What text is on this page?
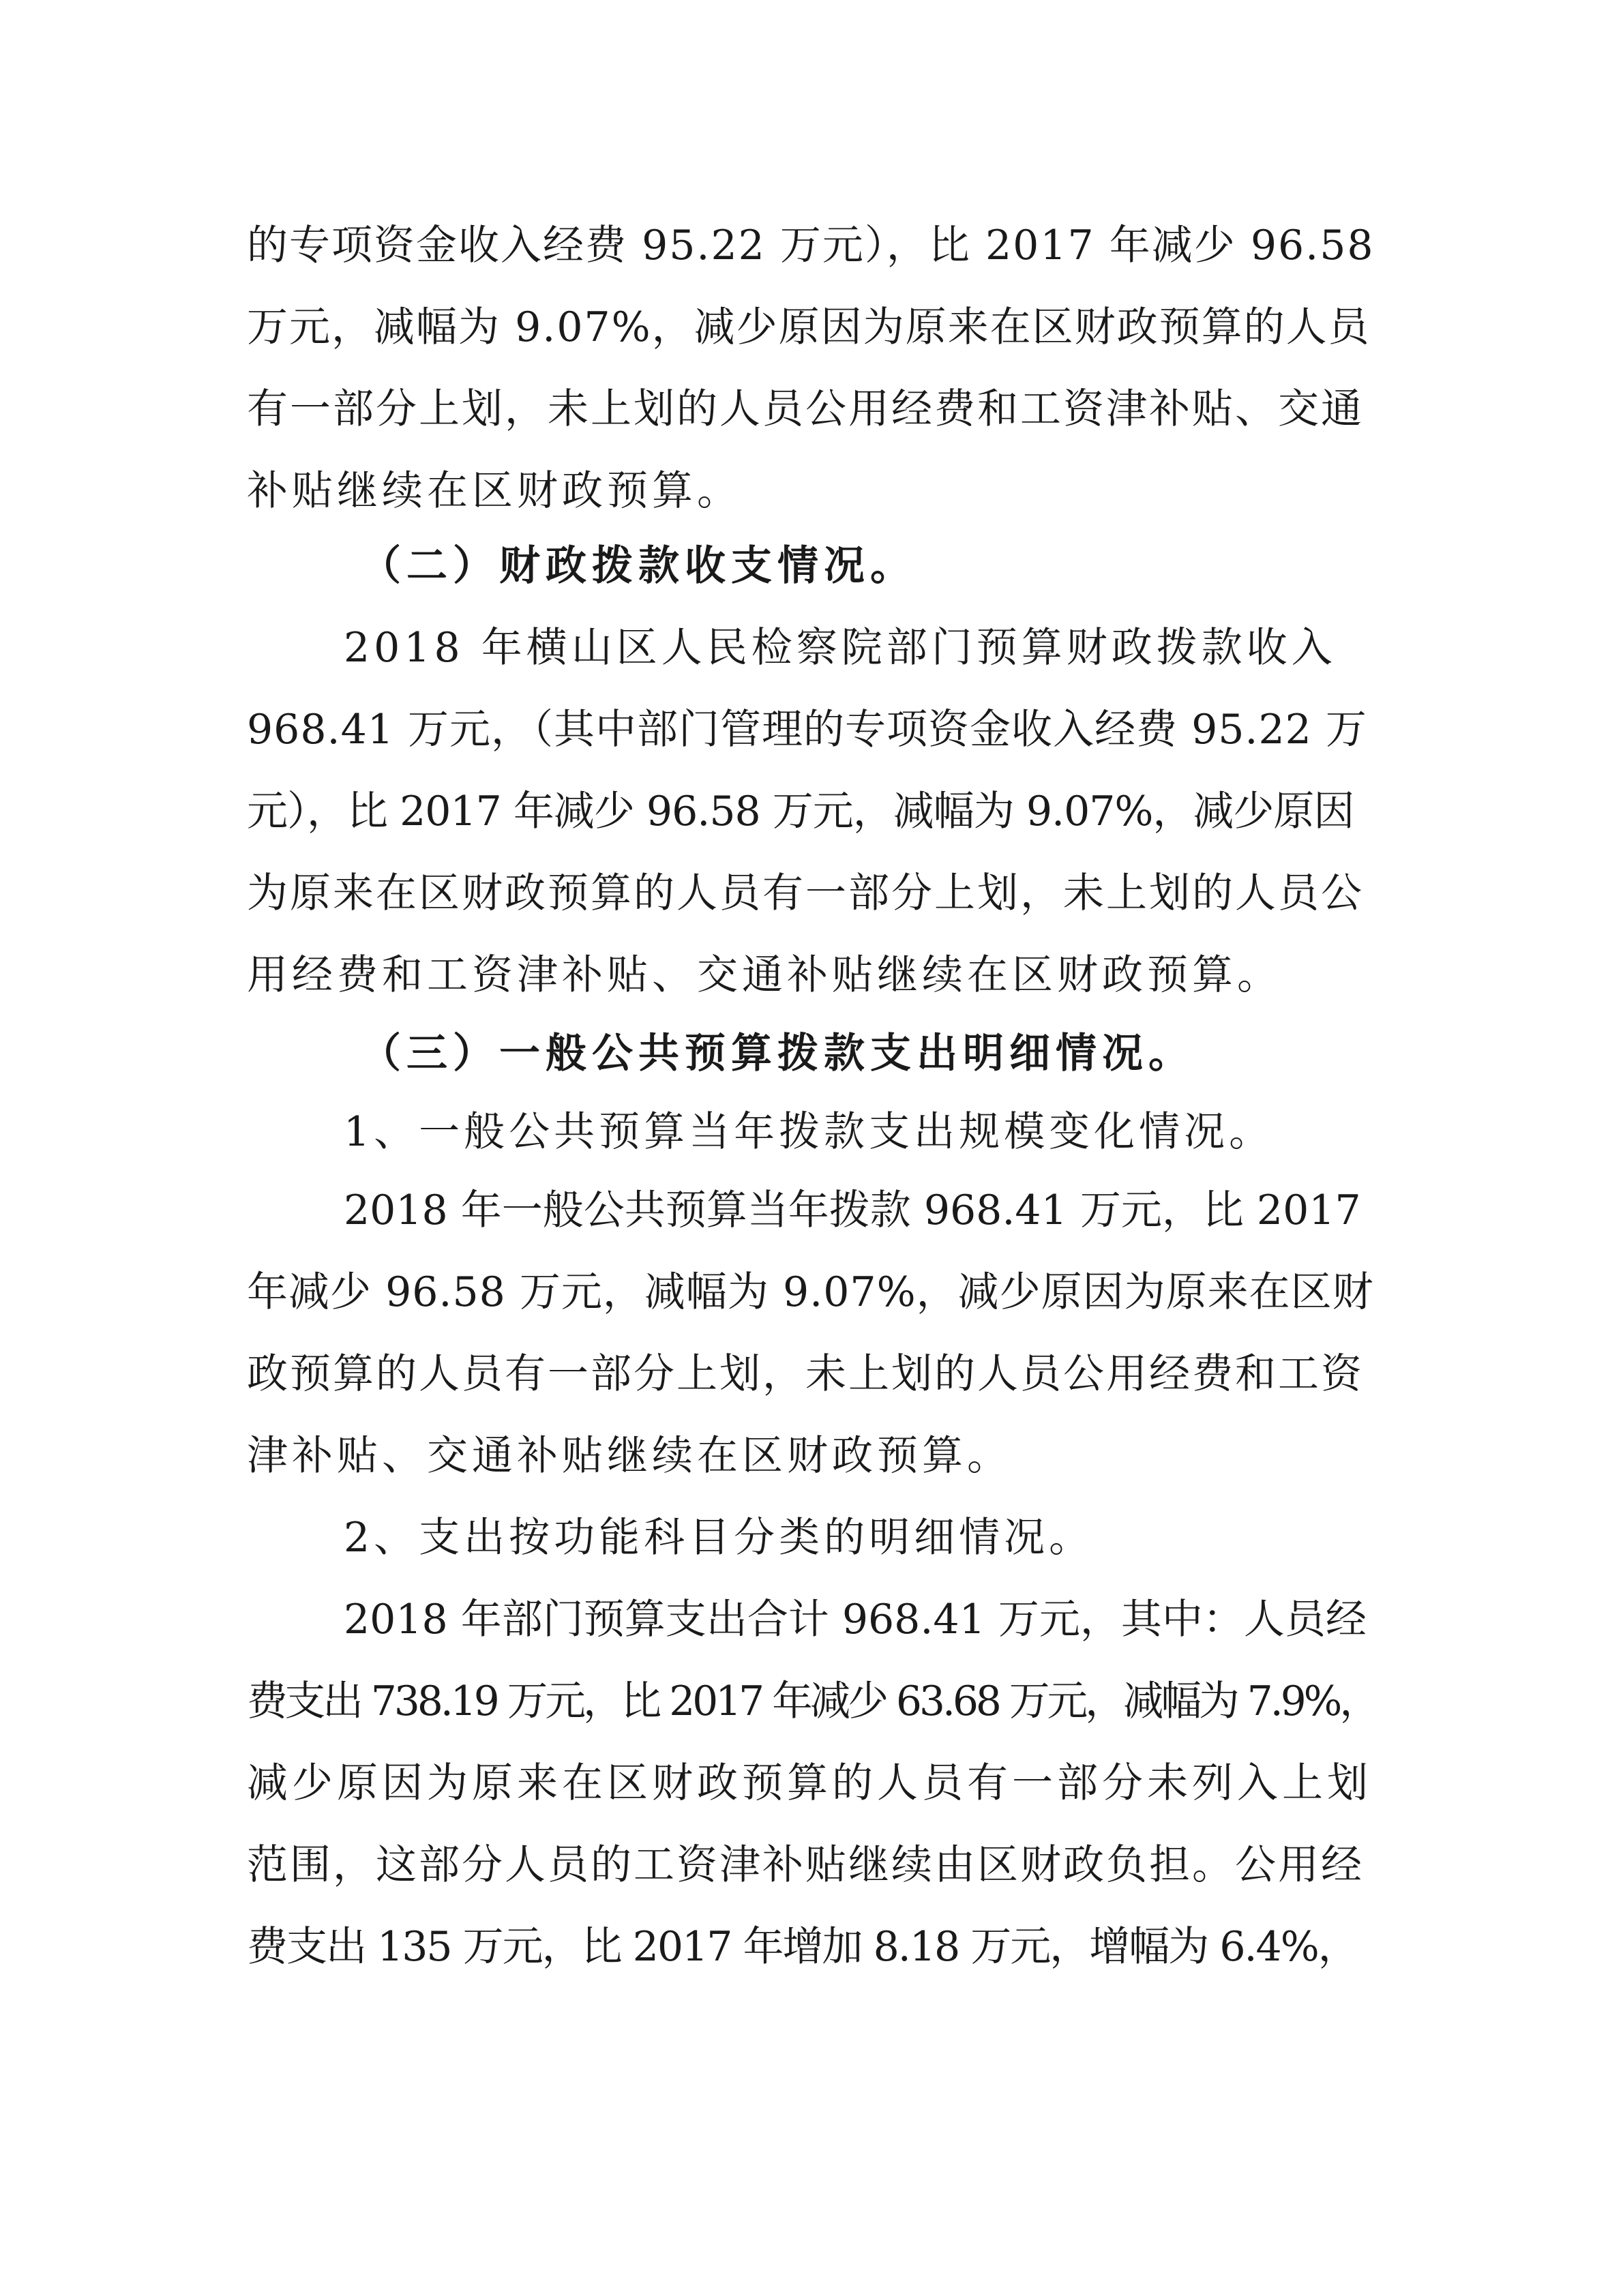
的专项资金收入经费 95.22 万元），比 2017 年减少 96.58
万元，减幅为 9.07%，减少原因为原来在区财政预算的人员
有一部分上划，未上划的人员公用经费和工资津补贴、交通
补贴继续在区财政预算。
（二）财政拨款收支情况。
2018 年横山区人民检察院部门预算财政拨款收入
968.41 万元，（其中部门管理的专项资金收入经费 95.22 万
元），比 2017 年减少 96.58 万元，减幅为 9.07%，减少原因
为原来在区财政预算的人员有一部分上划，未上划的人员公
用经费和工资津补贴、交通补贴继续在区财政预算。
（三）一般公共预算拨款支出明细情况。
1、一般公共预算当年拨款支出规模变化情况。
2018 年一般公共预算当年拨款 968.41 万元，比 2017
年减少 96.58 万元，减幅为 9.07%，减少原因为原来在区财
政预算的人员有一部分上划，未上划的人员公用经费和工资
津补贴、交通补贴继续在区财政预算。
2、支出按功能科目分类的明细情况。
2018 年部门预算支出合计 968.41 万元，其中：人员经
费支出 738.19 万元，比 2017 年减少 63.68 万元，减幅为 7.9%，
减少原因为原来在区财政预算的人员有一部分未列入上划
范围，这部分人员的工资津补贴继续由区财政负担。公用经
费支出 135 万元，比 2017 年增加 8.18 万元，增幅为 6.4%，
